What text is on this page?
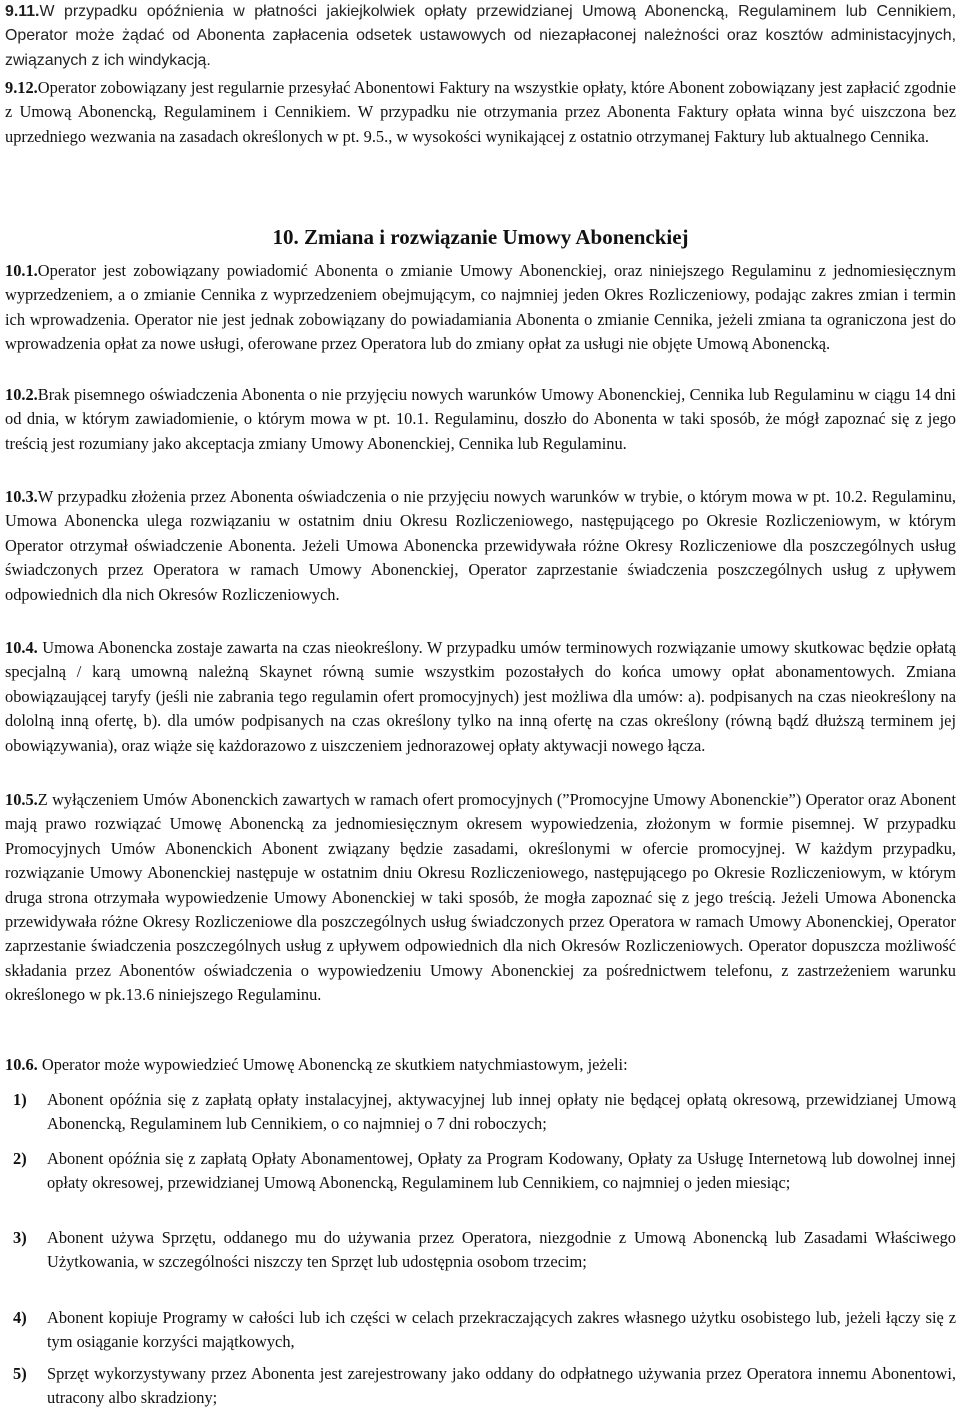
9.11.W przypadku opóźnienia w płatności jakiejkolwiek opłaty przewidzianej Umową Abonencką, Regulaminem lub Cennikiem, Operator może żądać od Abonenta zapłacenia odsetek ustawowych od niezapłaconej należności oraz kosztów administacyjnych, związanych z ich windykacją.

9.12.Operator zobowiązany jest regularnie przesyłać Abonentowi Faktury na wszystkie opłaty, które Abonent zobowiązany jest zapłacić zgodnie z Umową Abonencką, Regulaminem i Cennikiem. W przypadku nie otrzymania przez Abonenta Faktury opłata winna być uiszczona bez uprzedniego wezwania na zasadach określonych w pt. 9.5., w wysokości wynikającej z ostatnio otrzymanej Faktury lub aktualnego Cennika.

10. Zmiana i rozwiązanie Umowy Abonenckiej

10.1.Operator jest zobowiązany powiadomić Abonenta o zmianie Umowy Abonenckiej, oraz niniejszego Regulaminu z jednomiesięcznym wyprzedzeniem, a o zmianie Cennika z wyprzedzeniem obejmującym, co najmniej jeden Okres Rozliczeniowy, podając zakres zmian i termin ich wprowadzenia. Operator nie jest jednak zobowiązany do powiadamiania Abonenta o zmianie Cennika, jeżeli zmiana ta ograniczona jest do wprowadzenia opłat za nowe usługi, oferowane przez Operatora lub do zmiany opłat za usługi nie objęte Umową Abonencką.

10.2.Brak pisemnego oświadczenia Abonenta o nie przyjęciu nowych warunków Umowy Abonenckiej, Cennika lub Regulaminu w ciągu 14 dni od dnia, w którym zawiadomienie, o którym mowa w pt. 10.1. Regulaminu, doszło do Abonenta w taki sposób, że mógł zapoznać się z jego treścią jest rozumiany jako akceptacja zmiany Umowy Abonenckiej, Cennika lub Regulaminu.

10.3.W przypadku złożenia przez Abonenta oświadczenia o nie przyjęciu nowych warunków w trybie, o którym mowa w pt. 10.2. Regulaminu, Umowa Abonencka ulega rozwiązaniu w ostatnim dniu Okresu Rozliczeniowego, następującego po Okresie Rozliczeniowym, w którym Operator otrzymał oświadczenie Abonenta. Jeżeli Umowa Abonencka przewidywała różne Okresy Rozliczeniowe dla poszczególnych usług świadczonych przez Operatora w ramach Umowy Abonenckiej, Operator zaprzestanie świadczenia poszczególnych usług z upływem odpowiednich dla nich Okresów Rozliczeniowych.

10.4. Umowa Abonencka zostaje zawarta na czas nieokreślony. W przypadku umów terminowych rozwiązanie umowy skutkowac będzie opłatą specjalną / karą umowną należną Skaynet równą sumie wszystkim pozostałych do końca umowy opłat abonamentowych. Zmiana obowiązaującej taryfy (jeśli nie zabrania tego regulamin ofert promocyjnych) jest możliwa dla umów: a). podpisanych na czas nieokreślony na dololną inną ofertę, b). dla umów podpisanych na czas określony tylko na inną ofertę na czas określony (równą bądź dłuższą terminem jej obowiązywania), oraz wiąże się każdorazowo z uiszczeniem jednorazowej opłaty aktywacji nowego łącza.

10.5.Z wyłączeniem Umów Abonenckich zawartych w ramach ofert promocyjnych (”Promocyjne Umowy Abonenckie”) Operator oraz Abonent mają prawo rozwiązać Umowę Abonencką za jednomiesięcznym okresem wypowiedzenia, złożonym w formie pisemnej. W przypadku Promocyjnych Umów Abonenckich Abonent związany będzie zasadami, określonymi w ofercie promocyjnej. W każdym przypadku, rozwiązanie Umowy Abonenckiej następuje w ostatnim dniu Okresu Rozliczeniowego, następującego po Okresie Rozliczeniowym, w którym druga strona otrzymała wypowiedzenie Umowy Abonenckiej w taki sposób, że mogła zapoznać się z jego treścią. Jeżeli Umowa Abonencka przewidywała różne Okresy Rozliczeniowe dla poszczególnych usług świadczonych przez Operatora w ramach Umowy Abonenckiej, Operator zaprzestanie świadczenia poszczególnych usług z upływem odpowiednich dla nich Okresów Rozliczeniowych. Operator dopuszcza możliwość składania przez Abonentów oświadczenia o wypowiedzeniu Umowy Abonenckiej za pośrednictwem telefonu, z zastrzeżeniem warunku określonego w pk.13.6 niniejszego Regulaminu.

10.6. Operator może wypowiedzieć Umowę Abonencką ze skutkiem natychmiastowym, jeżeli:

1) Abonent opóźnia się z zapłatą opłaty instalacyjnej, aktywacyjnej lub innej opłaty nie będącej opłatą okresową, przewidzianej Umową Abonencką, Regulaminem lub Cennikiem, o co najmniej o 7 dni roboczych;
2) Abonent opóźnia się z zapłatą Opłaty Abonamentowej, Opłaty za Program Kodowany, Opłaty za Usługę Internetową lub dowolnej innej opłaty okresowej, przewidzianej Umową Abonencką, Regulaminem lub Cennikiem, co najmniej o jeden miesiąc;
3) Abonent używa Sprzętu, oddanego mu do używania przez Operatora, niezgodnie z Umową Abonencką lub Zasadami Właściwego Użytkowania, w szczególności niszczy ten Sprzęt lub udostępnia osobom trzecim;
4) Abonent kopiuje Programy w całości lub ich części w celach przekraczających zakres własnego użytku osobistego lub, jeżeli łączy się z tym osiąganie korzyści majątkowych,
5) Sprzęt wykorzystywany przez Abonenta jest zarejestrowany jako oddany do odpłatnego używania przez Operatora innemu Abonentowi, utracony albo skradziony;
